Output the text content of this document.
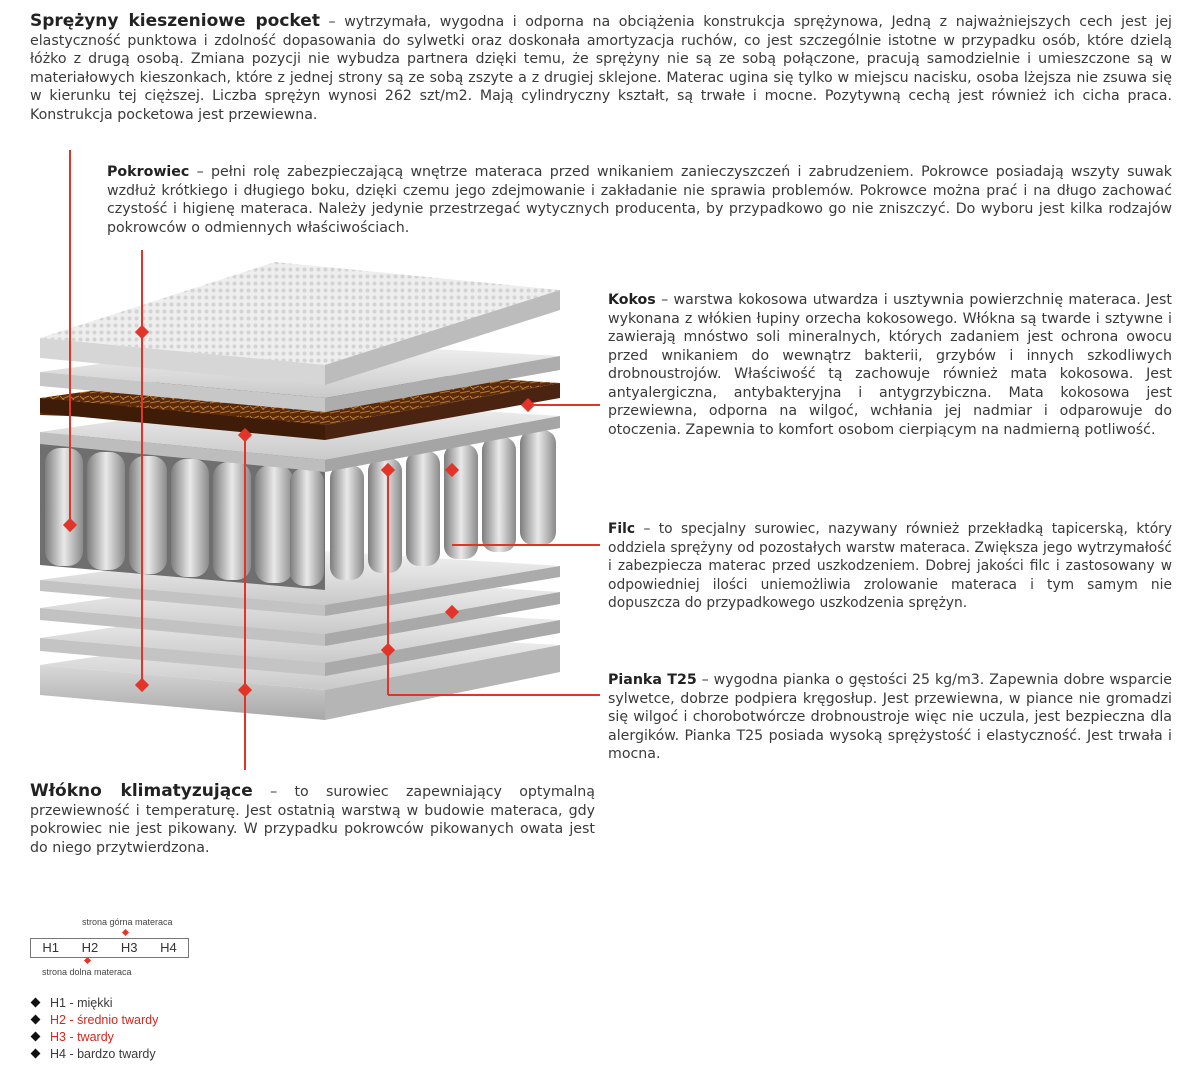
Sprężyny kieszeniowe pocket – wytrzymała, wygodna i odporna na obciążenia konstrukcja sprężynowa, Jedną z najważniejszych cech jest jej elastyczność punktowa i zdolność dopasowania do sylwetki oraz doskonała amortyzacja ruchów, co jest szczególnie istotne w przypadku osób, które dzielą łóżko z drugą osobą. Zmiana pozycji nie wybudza partnera dzięki temu, że sprężyny nie są ze sobą połączone, pracują samodzielnie i umieszczone są w materiałowych kieszonkach, które z jednej strony są ze sobą zszyte a z drugiej sklejone. Materac ugina się tylko w miejscu nacisku, osoba lżejsza nie zsuwa się w kierunku tej cięższej. Liczba sprężyn wynosi 262 szt/m2. Mają cylindryczny kształt, są trwałe i mocne. Pozytywną cechą jest również ich cicha praca. Konstrukcja pocketowa jest przewiewna.
Pokrowiec – pełni rolę zabezpieczającą wnętrze materaca przed wnikaniem zanieczyszczeń i zabrudzeniem. Pokrowce posiadają wszyty suwak wzdłuż krótkiego i długiego boku, dzięki czemu jego zdejmowanie i zakładanie nie sprawia problemów. Pokrowce można prać i na długo zachować czystość i higienę materaca. Należy jedynie przestrzegać wytycznych producenta, by przypadkowo go nie zniszczyć. Do wyboru jest kilka rodzajów pokrowców o odmiennych właściwościach.
Kokos – warstwa kokosowa utwardza i usztywnia powierzchnię materaca. Jest wykonana z włókien łupiny orzecha kokosowego. Włókna są twarde i sztywne i zawierają mnóstwo soli mineralnych, których zadaniem jest ochrona owocu przed wnikaniem do wewnątrz bakterii, grzybów i innych szkodliwych drobnoustrojów. Właściwość tą zachowuje również mata kokosowa. Jest antyalergiczna, antybakteryjna i antygrzybiczna. Mata kokosowa jest przewiewna, odporna na wilgoć, wchłania jej nadmiar i odparowuje do otoczenia. Zapewnia to komfort osobom cierpiącym na nadmierną potliwość.
Filc – to specjalny surowiec, nazywany również przekładką tapicerską, który oddziela sprężyny od pozostałych warstw materaca. Zwiększa jego wytrzymałość i zabezpiecza materac przed uszkodzeniem. Dobrej jakości filc i zastosowany w odpowiedniej ilości uniemożliwia zrolowanie materaca i tym samym nie dopuszcza do przypadkowego uszkodzenia sprężyn.
Pianka T25 – wygodna pianka o gęstości 25 kg/m3. Zapewnia dobre wsparcie sylwetce, dobrze podpiera kręgosłup. Jest przewiewna, w piance nie gromadzi się wilgoć i chorobotwórcze drobnoustroje więc nie uczula, jest bezpieczna dla alergików. Pianka T25 posiada wysoką sprężystość i elastyczność. Jest trwała i mocna.
Włókno klimatyzujące – to surowiec zapewniający optymalną przewiewność i temperaturę. Jest ostatnią warstwą w budowie materaca, gdy pokrowiec nie jest pikowany. W przypadku pokrowców pikowanych owata jest do niego przytwierdzona.
strona górna materaca
H1	H2	H3	H4
strona dolna materaca
H1 - miękki
H2 - średnio twardy
H3 - twardy
H4 - bardzo twardy
